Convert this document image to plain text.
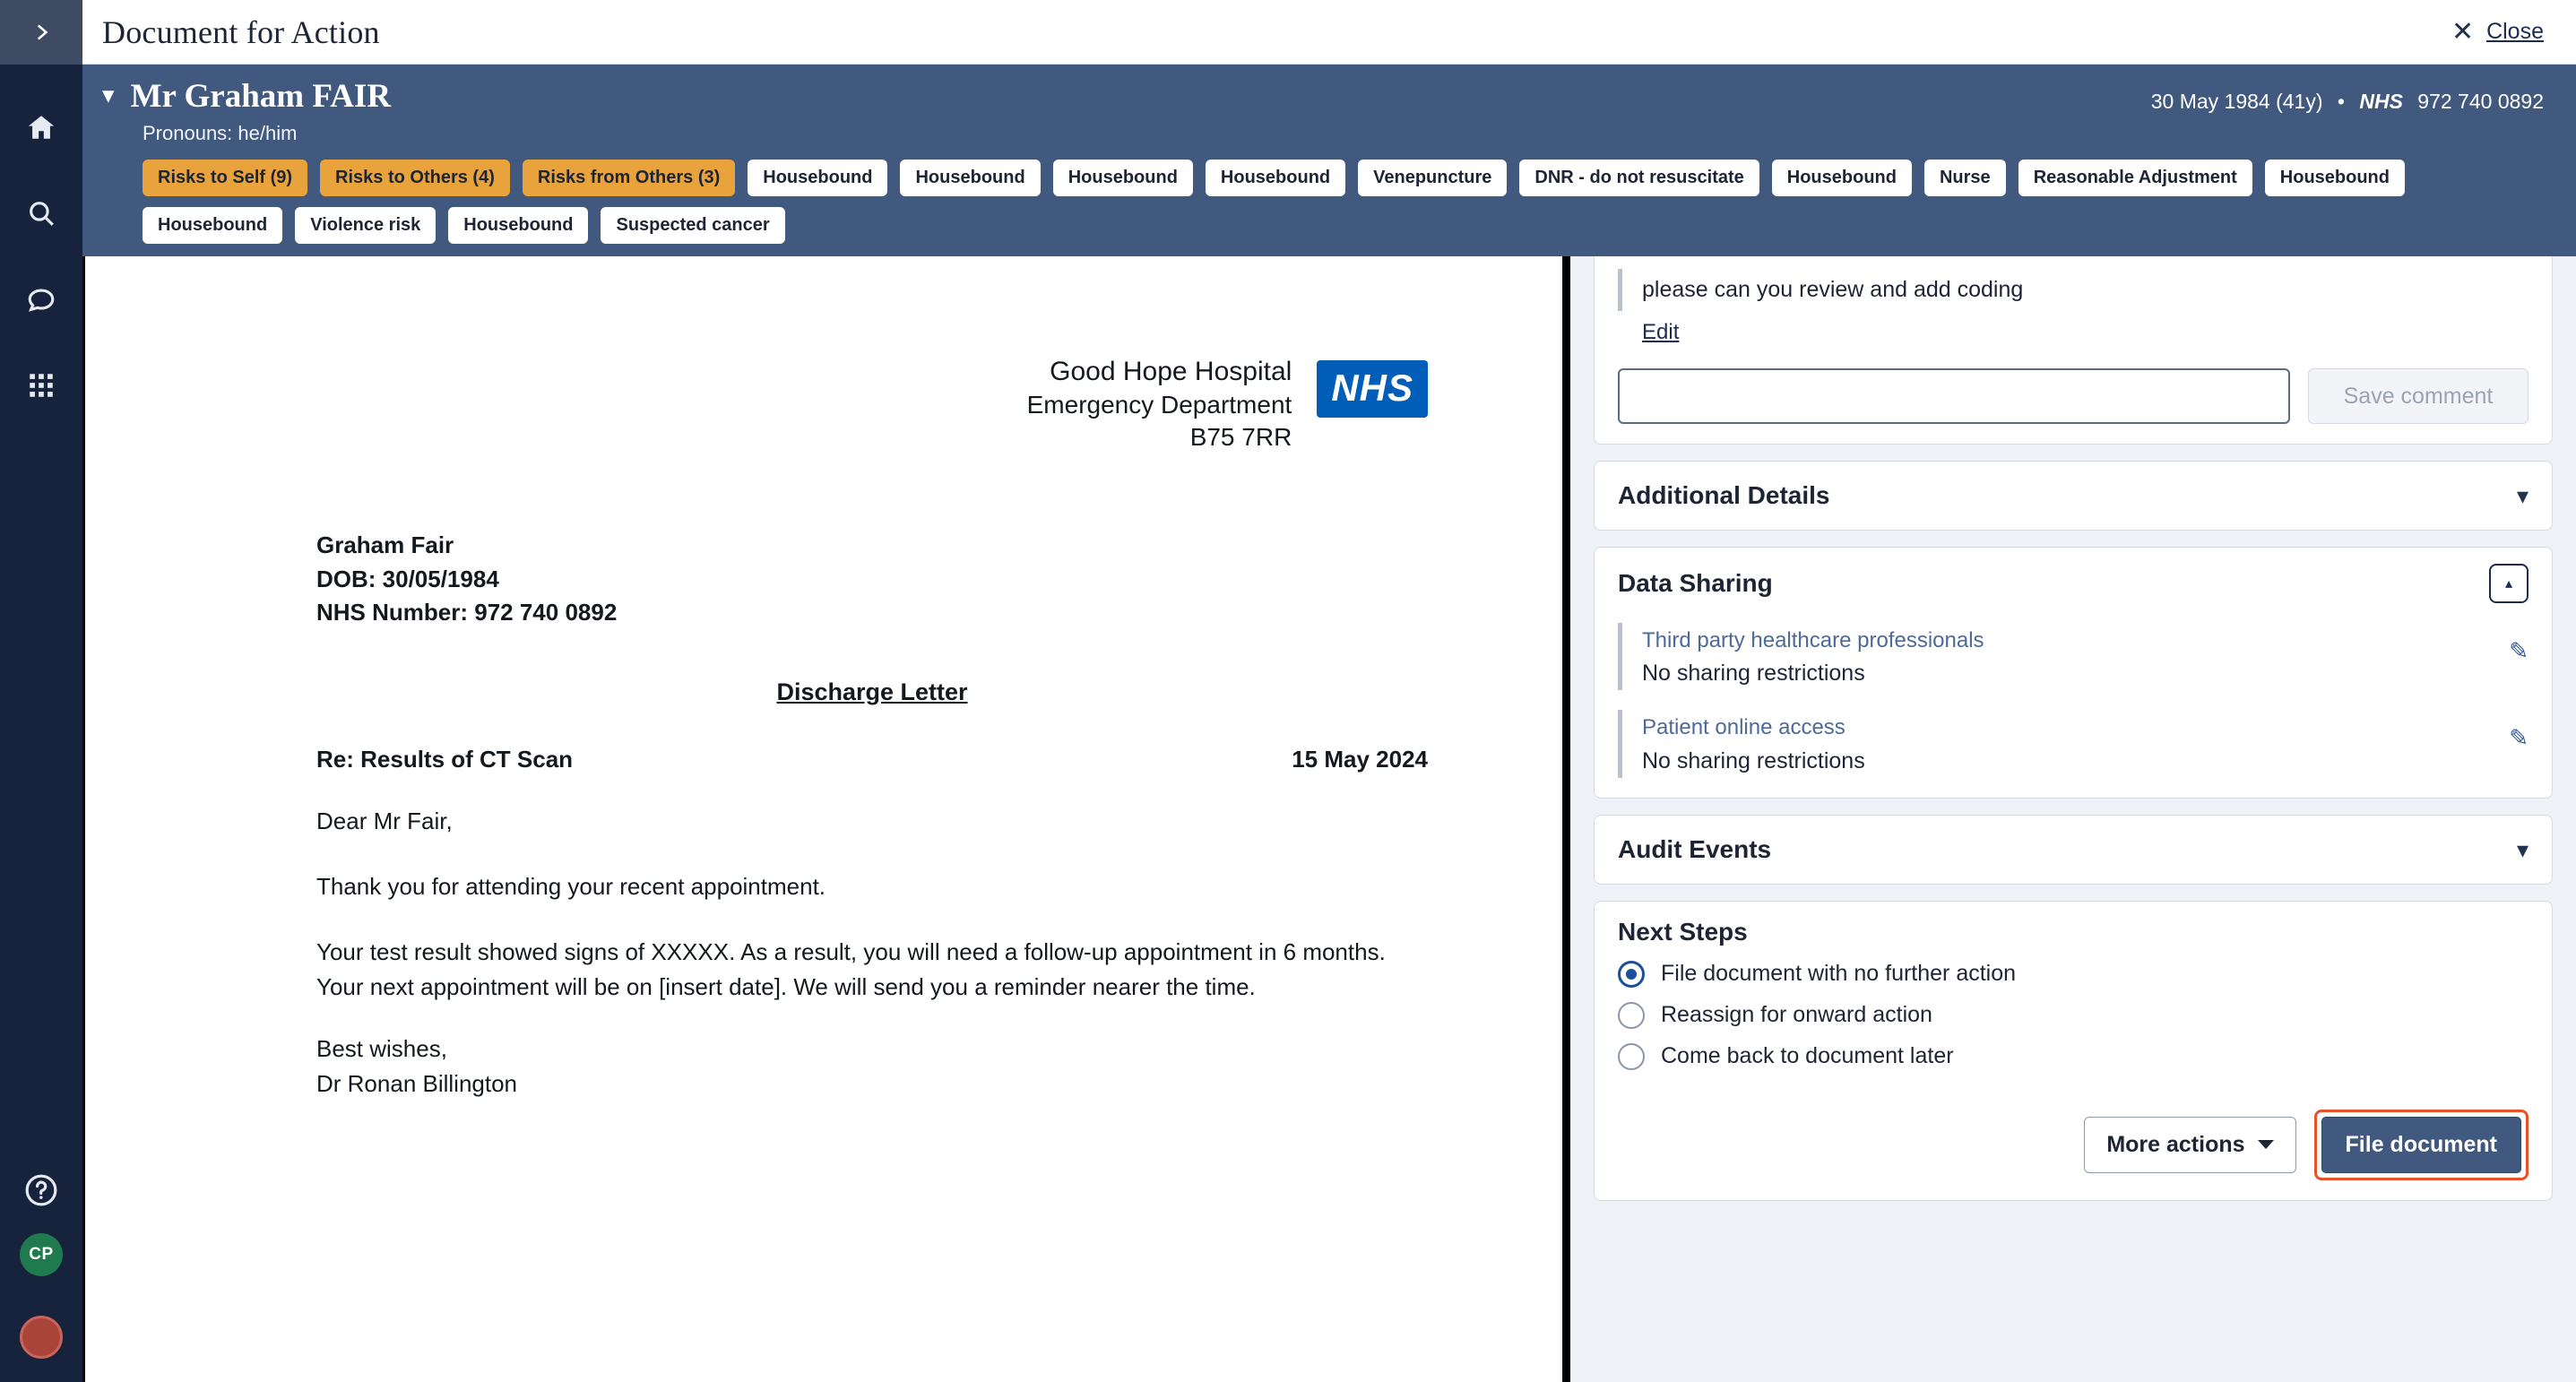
CP
Document for Action	✕ Close
▾ Mr Graham FAIR	30 May 1984 (41y) • NHS 972 740 0892
Pronouns: he/him
Risks to Self (9)	Risks to Others (4)	Risks from Others (3)	Housebound	Housebound	Housebound	Housebound	Venepuncture	DNR - do not resuscitate	Housebound	Nurse	Reasonable Adjustment	Housebound
Housebound	Violence risk	Housebound	Suspected cancer
Good Hope Hospital
Emergency Department
B75 7RR
NHS
Graham Fair
DOB: 30/05/1984
NHS Number: 972 740 0892
Discharge Letter
Re: Results of CT Scan	15 May 2024
Dear Mr Fair,
Thank you for attending your recent appointment.
Your test result showed signs of XXXXX. As a result, you will need a follow-up appointment in 6 months. Your next appointment will be on [insert date]. We will send you a reminder nearer the time.
Best wishes,
Dr Ronan Billington
please can you review and add coding
Edit
Save comment
Additional Details	▾
Data Sharing	▴
Third party healthcare professionals
No sharing restrictions
✎
Patient online access
No sharing restrictions
✎
Audit Events	▾
Next Steps
File document with no further action
Reassign for onward action
Come back to document later
More actions	File document
